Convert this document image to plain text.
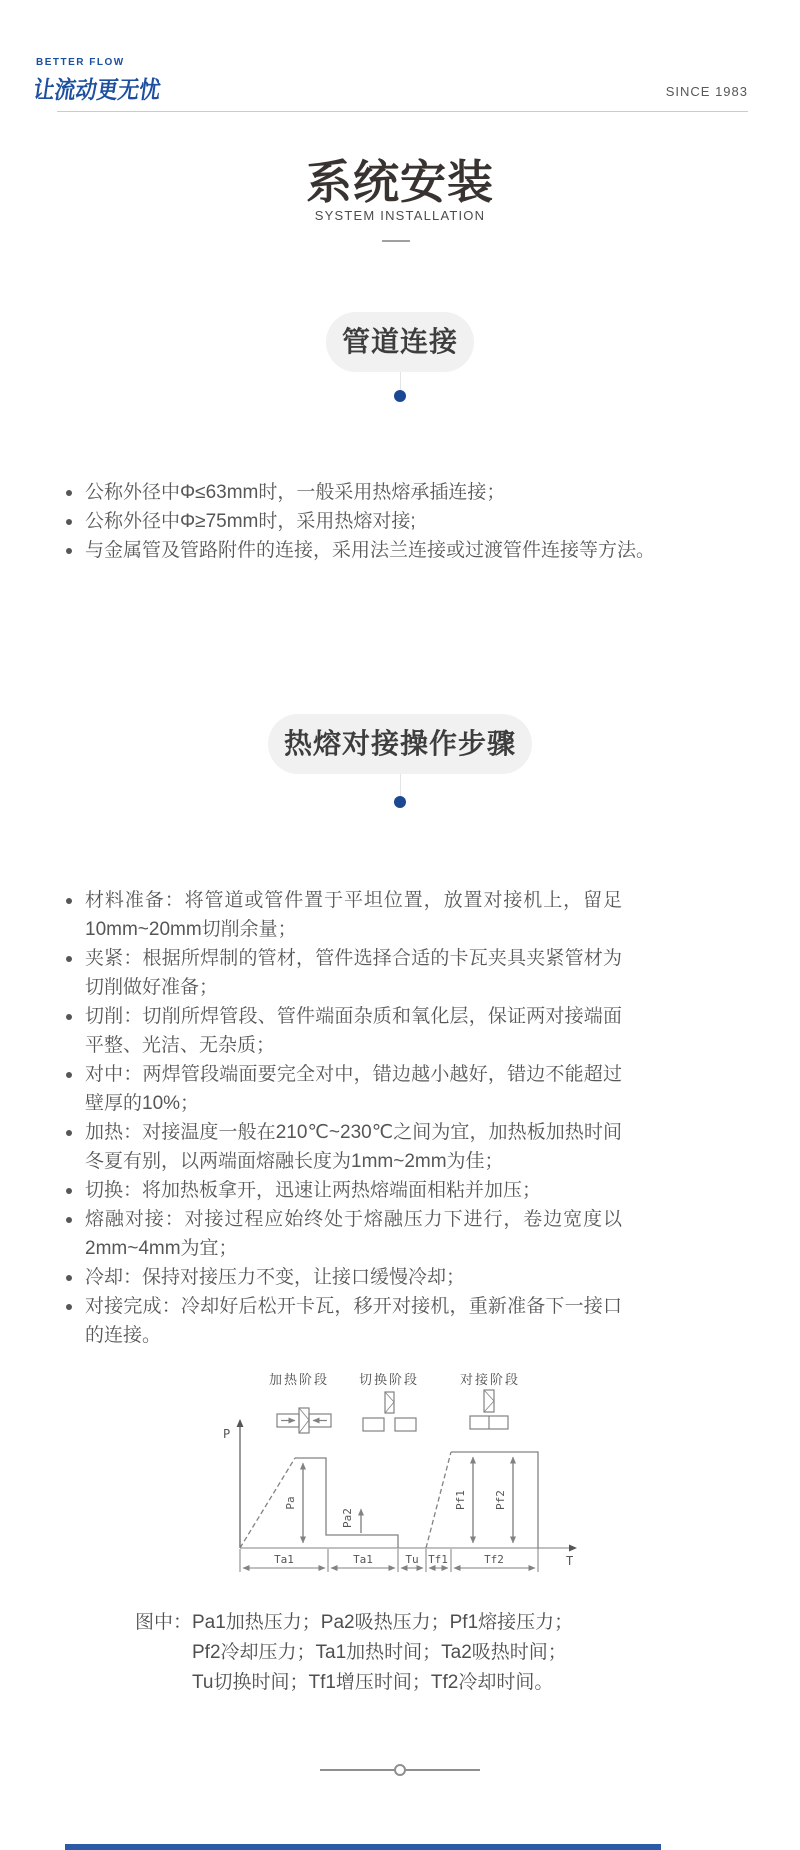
BETTER FLOW
让流动更无忧	SINCE 1983
系统安装
SYSTEM INSTALLATION
管道连接
公称外径中Φ≤63mm时，一般采用热熔承插连接；
公称外径中Φ≥75mm时，采用热熔对接;
与金属管及管路附件的连接，采用法兰连接或过渡管件连接等方法。
热熔对接操作步骤
材料准备：将管道或管件置于平坦位置，放置对接机上，留足10mm~20mm切削余量；
夹紧：根据所焊制的管材，管件选择合适的卡瓦夹具夹紧管材为切削做好准备；
切削：切削所焊管段、管件端面杂质和氧化层，保证两对接端面平整、光洁、无杂质；
对中：两焊管段端面要完全对中，错边越小越好，错边不能超过壁厚的10%；
加热：对接温度一般在210℃~230℃之间为宜，加热板加热时间冬夏有别，以两端面熔融长度为1mm~2mm为佳；
切换：将加热板拿开，迅速让两热熔端面相粘并加压；
熔融对接：对接过程应始终处于熔融压力下进行，卷边宽度以2mm~4mm为宜；
冷却：保持对接压力不变，让接口缓慢冷却；
对接完成：冷却好后松开卡瓦，移开对接机，重新准备下一接口的连接。
加热阶段 切换阶段	对接阶段
P
T
Pa
Pa2
Pf1 Pf2
Ta1	Ta1	Tu Tf1	Tf2
图中：Pa1加热压力；Pa2吸热压力；Pf1熔接压力；
Pf2冷却压力；Ta1加热时间；Ta2吸热时间；
Tu切换时间；Tf1增压时间；Tf2冷却时间。
